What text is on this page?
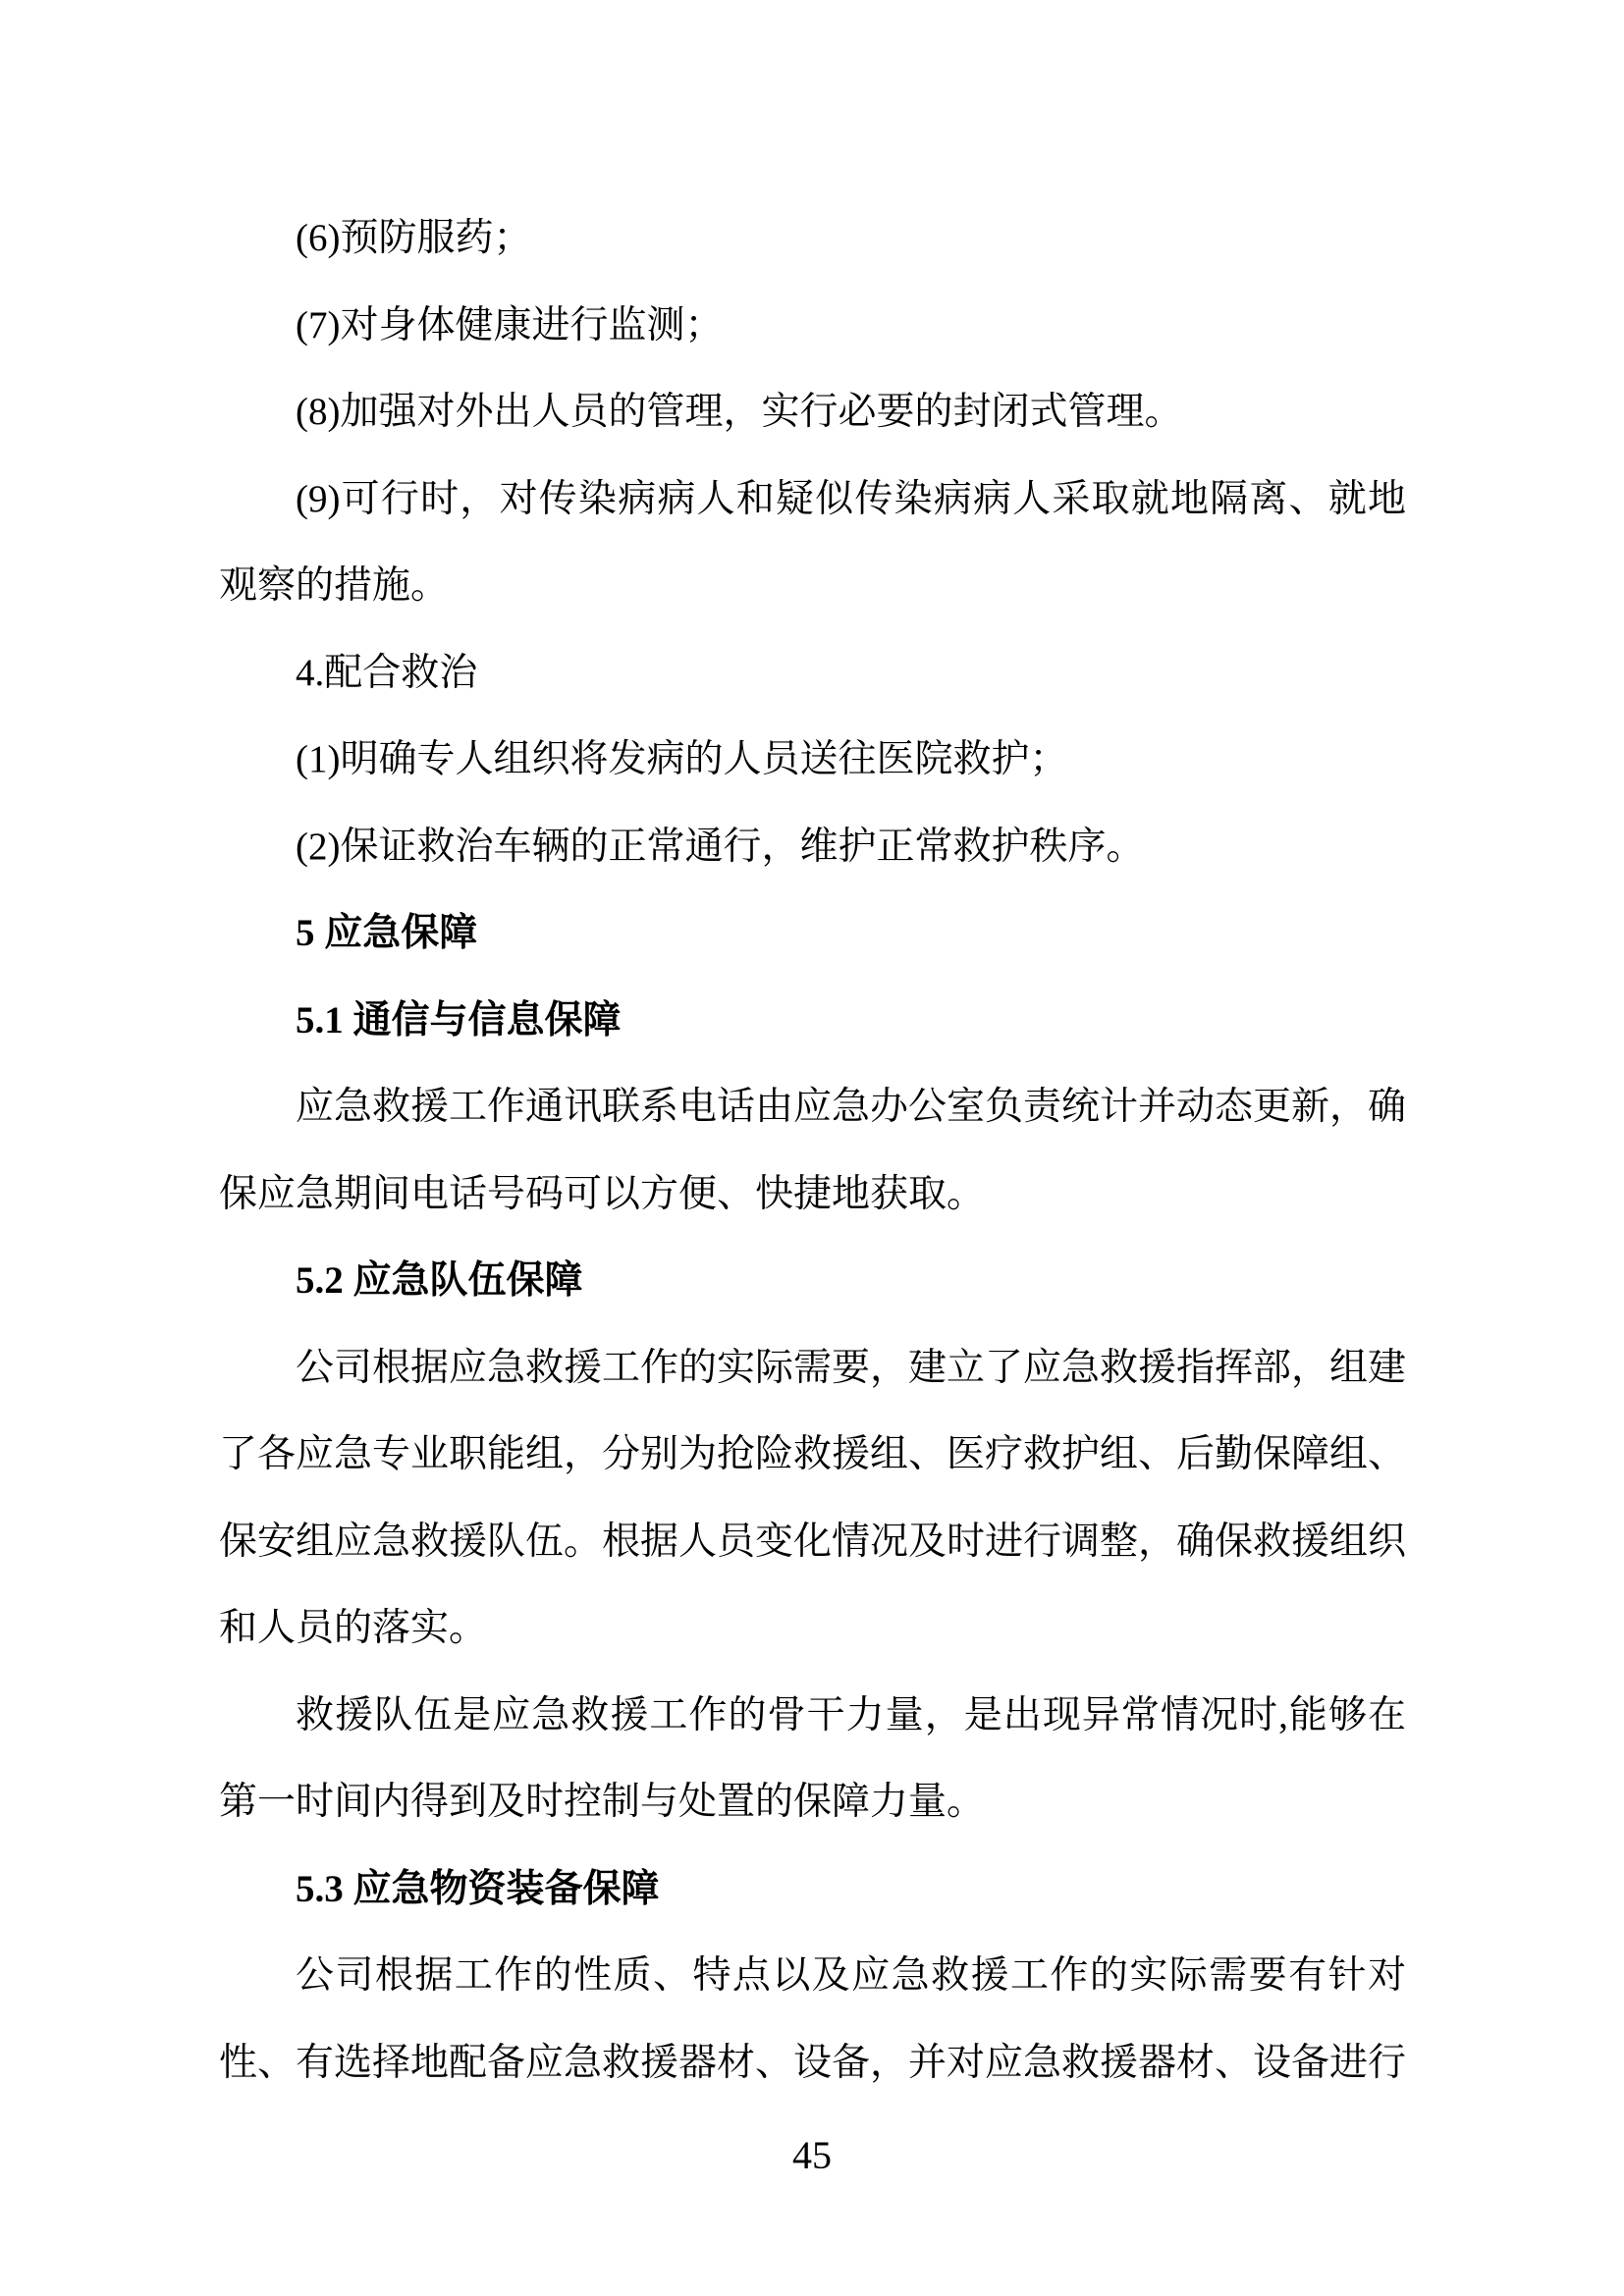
(6)预防服药；
(7)对身体健康进行监测；
(8)加强对外出人员的管理，实行必要的封闭式管理。
(9)可行时，对传染病病人和疑似传染病病人采取就地隔离、就地
观察的措施。
4.配合救治
(1)明确专人组织将发病的人员送往医院救护；
(2)保证救治车辆的正常通行，维护正常救护秩序。
5 应急保障
5.1 通信与信息保障
应急救援工作通讯联系电话由应急办公室负责统计并动态更新，确
保应急期间电话号码可以方便、快捷地获取。
5.2 应急队伍保障
公司根据应急救援工作的实际需要，建立了应急救援指挥部，组建
了各应急专业职能组，分别为抢险救援组、医疗救护组、后勤保障组、
保安组应急救援队伍。根据人员变化情况及时进行调整，确保救援组织
和人员的落实。
救援队伍是应急救援工作的骨干力量，是出现异常情况时,能够在
第一时间内得到及时控制与处置的保障力量。
5.3 应急物资装备保障
公司根据工作的性质、特点以及应急救援工作的实际需要有针对
性、有选择地配备应急救援器材、设备，并对应急救援器材、设备进行
45
